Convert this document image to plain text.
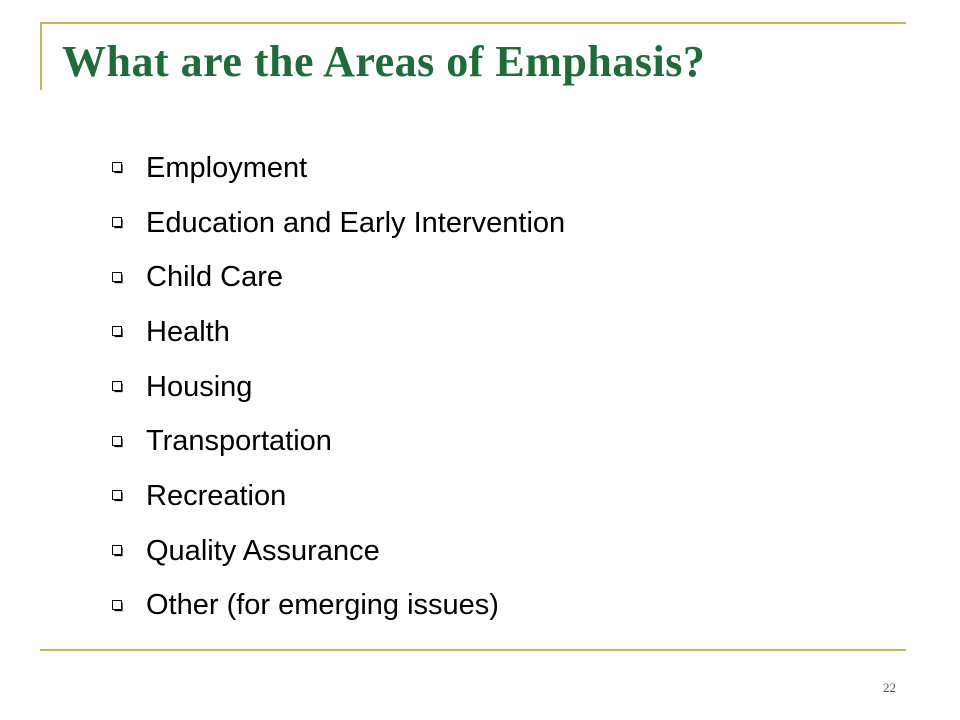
What are the Areas of Emphasis?
Employment
Education and Early Intervention
Child Care
Health
Housing
Transportation
Recreation
Quality Assurance
Other (for emerging issues)
22
